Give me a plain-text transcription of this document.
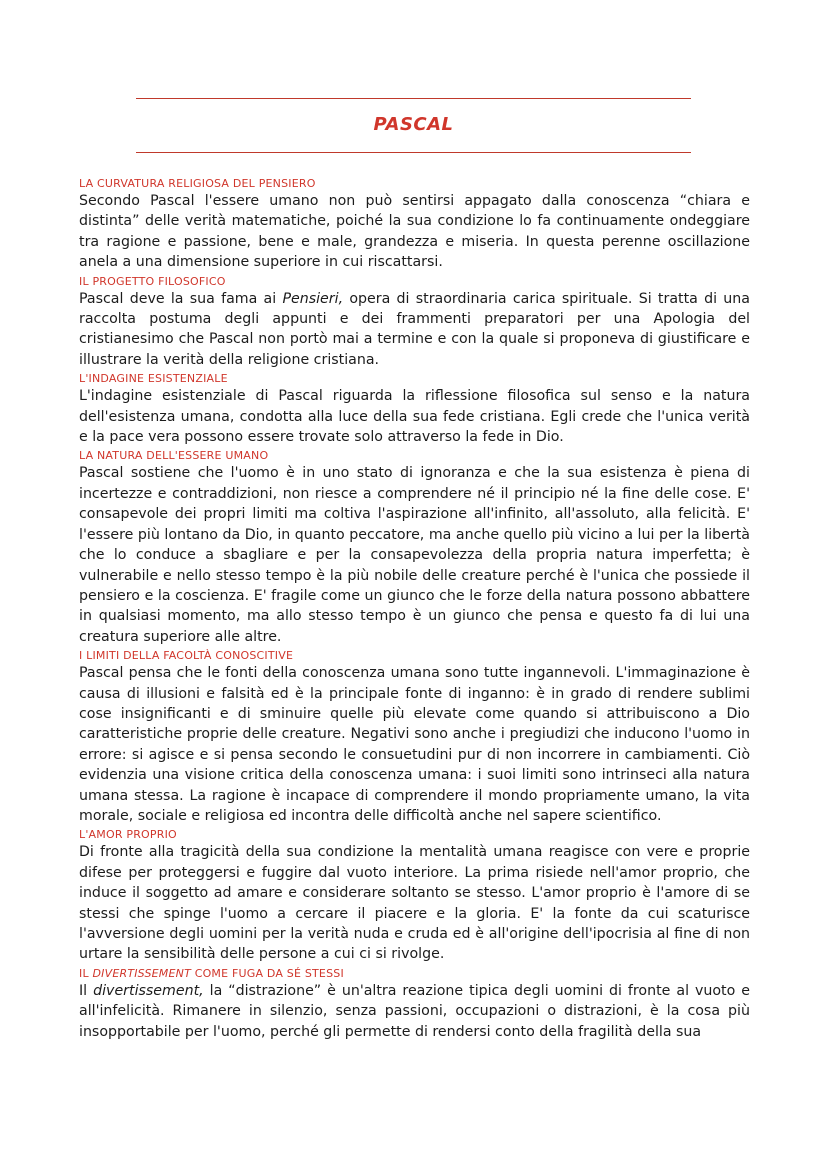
PASCAL
LA CURVATURA RELIGIOSA DEL PENSIERO
Secondo Pascal l'essere umano non può sentirsi appagato dalla conoscenza “chiara e distinta” delle verità matematiche, poiché la sua condizione lo fa continuamente ondeggiare tra ragione e passione, bene e male, grandezza e miseria. In questa perenne oscillazione anela a una dimensione superiore in cui riscattarsi.
IL PROGETTO FILOSOFICO
Pascal deve la sua fama ai Pensieri, opera di straordinaria carica spirituale. Si tratta di una raccolta postuma degli appunti e dei frammenti preparatori per una Apologia del cristianesimo che Pascal non portò mai a termine e con la quale si proponeva di giustificare e illustrare la verità della religione cristiana.
L'INDAGINE ESISTENZIALE
L'indagine esistenziale di Pascal riguarda la riflessione filosofica sul senso e la natura dell'esistenza umana, condotta alla luce della sua fede cristiana. Egli crede che l'unica verità e la pace vera possono essere trovate solo attraverso la fede in Dio.
LA NATURA DELL'ESSERE UMANO
Pascal sostiene che l'uomo è in uno stato di ignoranza e che la sua esistenza è piena di incertezze e contraddizioni, non riesce a comprendere né il principio né la fine delle cose. E' consapevole dei propri limiti ma coltiva l'aspirazione all'infinito, all'assoluto, alla felicità. E' l'essere più lontano da Dio, in quanto peccatore, ma anche quello più vicino a lui per la libertà che lo conduce a sbagliare e per la consapevolezza della propria natura imperfetta; è vulnerabile e nello stesso tempo è la più nobile delle creature perché è l'unica che possiede il pensiero e la coscienza. E' fragile come un giunco che le forze della natura possono abbattere in qualsiasi momento, ma allo stesso tempo è un giunco che pensa e questo fa di lui una creatura superiore alle altre.
I LIMITI DELLA FACOLTÀ CONOSCITIVE
Pascal pensa che le fonti della conoscenza umana sono tutte ingannevoli. L'immaginazione è causa di illusioni e falsità ed è la principale fonte di inganno: è in grado di rendere sublimi cose insignificanti e di sminuire quelle più elevate come quando si attribuiscono a Dio caratteristiche proprie delle creature. Negativi sono anche i pregiudizi che inducono l'uomo in errore: si agisce e si pensa secondo le consuetudini pur di non incorrere in cambiamenti. Ciò evidenzia una visione critica della conoscenza umana: i suoi limiti sono intrinseci alla natura umana stessa. La ragione è incapace di comprendere il mondo propriamente umano, la vita morale, sociale e religiosa ed incontra delle difficoltà anche nel sapere scientifico.
L'AMOR PROPRIO
Di fronte alla tragicità della sua condizione la mentalità umana reagisce con vere e proprie difese per proteggersi e fuggire dal vuoto interiore. La prima risiede nell'amor proprio, che induce il soggetto ad amare e considerare soltanto se stesso. L'amor proprio è l'amore di se stessi che spinge l'uomo a cercare il piacere e la gloria. E' la fonte da cui scaturisce l'avversione degli uomini per la verità nuda e cruda ed è all'origine dell'ipocrisia al fine di non urtare la sensibilità delle persone a cui ci si rivolge.
IL DIVERTISSEMENT COME FUGA DA SÉ STESSI
Il divertissement, la “distrazione” è un'altra reazione tipica degli uomini di fronte al vuoto e all'infelicità. Rimanere in silenzio, senza passioni, occupazioni o distrazioni, è la cosa più insopportabile per l'uomo, perché gli permette di rendersi conto della fragilità della sua
